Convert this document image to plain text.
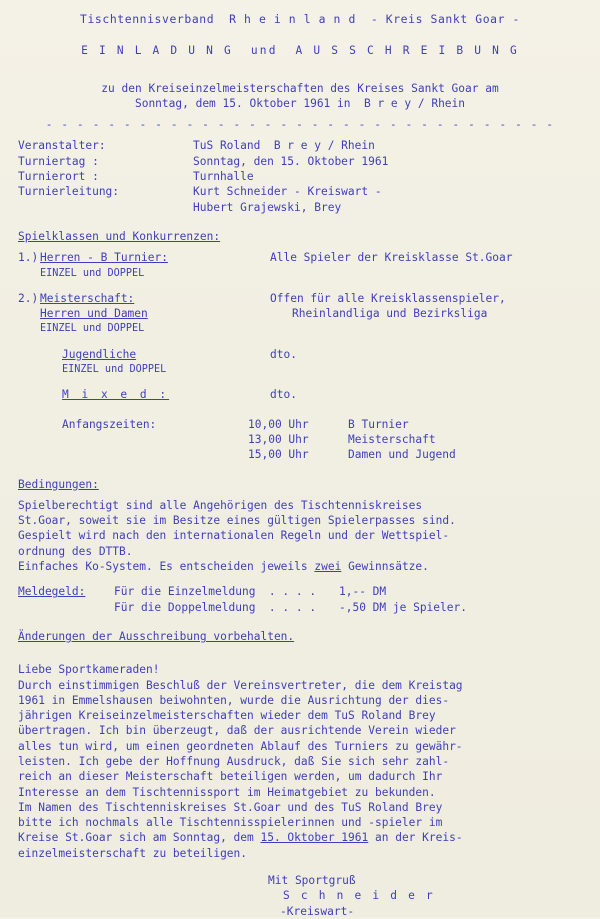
Tischtennisverband  R h e i n l a n d  - Kreis Sankt Goar -
E I N L A D U N G  und  A U S S C H R E I B U N G
zu den Kreiseinzelmeisterschaften des Kreises Sankt Goar am
Sonntag, dem 15. Oktober 1961 in  B r e y / Rhein
- - - - - - - - - - - - - - - - - - - - - - - - - - - - - - - - -
Veranstalter:	TuS Roland  B r e y / Rhein
Turniertag :	Sonntag, den 15. Oktober 1961
Turnierort :	Turnhalle
Turnierleitung:	Kurt Schneider - Kreiswart -
Hubert Grajewski, Brey
Spielklassen und Konkurrenzen:
1.) Herren - B Turnier:	Alle Spieler der Kreisklasse St.Goar
EINZEL und DOPPEL
2.) Meisterschaft:	Offen für alle Kreisklassenspieler,
Herren und Damen	Rheinlandliga und Bezirksliga
EINZEL und DOPPEL
Jugendliche	dto.
EINZEL und DOPPEL
M i x e d :	dto.
Anfangszeiten:	10,00 Uhr	B Turnier
13,00 Uhr	Meisterschaft
15,00 Uhr	Damen und Jugend
Bedingungen:
Spielberechtigt sind alle Angehörigen des Tischtenniskreises
St.Goar, soweit sie im Besitze eines gültigen Spielerpasses sind.
Gespielt wird nach den internationalen Regeln und der Wettspiel-
ordnung des DTTB.
Einfaches Ko-System. Es entscheiden jeweils zwei Gewinnsätze.
Meldegeld:	Für die Einzelmeldung  . . . .	1,-- DM
Für die Doppelmeldung  . . . .	-,50 DM je Spieler.
Änderungen der Ausschreibung vorbehalten.
Liebe Sportkameraden!
Durch einstimmigen Beschluß der Vereinsvertreter, die dem Kreistag
1961 in Emmelshausen beiwohnten, wurde die Ausrichtung der dies-
jährigen Kreiseinzelmeisterschaften wieder dem TuS Roland Brey
übertragen. Ich bin überzeugt, daß der ausrichtende Verein wieder
alles tun wird, um einen geordneten Ablauf des Turniers zu gewähr-
leisten. Ich gebe der Hoffnung Ausdruck, daß Sie sich sehr zahl-
reich an dieser Meisterschaft beteiligen werden, um dadurch Ihr
Interesse an dem Tischtennissport im Heimatgebiet zu bekunden.
Im Namen des Tischtenniskreises St.Goar und des TuS Roland Brey
bitte ich nochmals alle Tischtennisspielerinnen und -spieler im
Kreise St.Goar sich am Sonntag, dem 15. Oktober 1961 an der Kreis-
einzelmeisterschaft zu beteiligen.
Mit Sportgruß
S c h n e i d e r
-Kreiswart-
